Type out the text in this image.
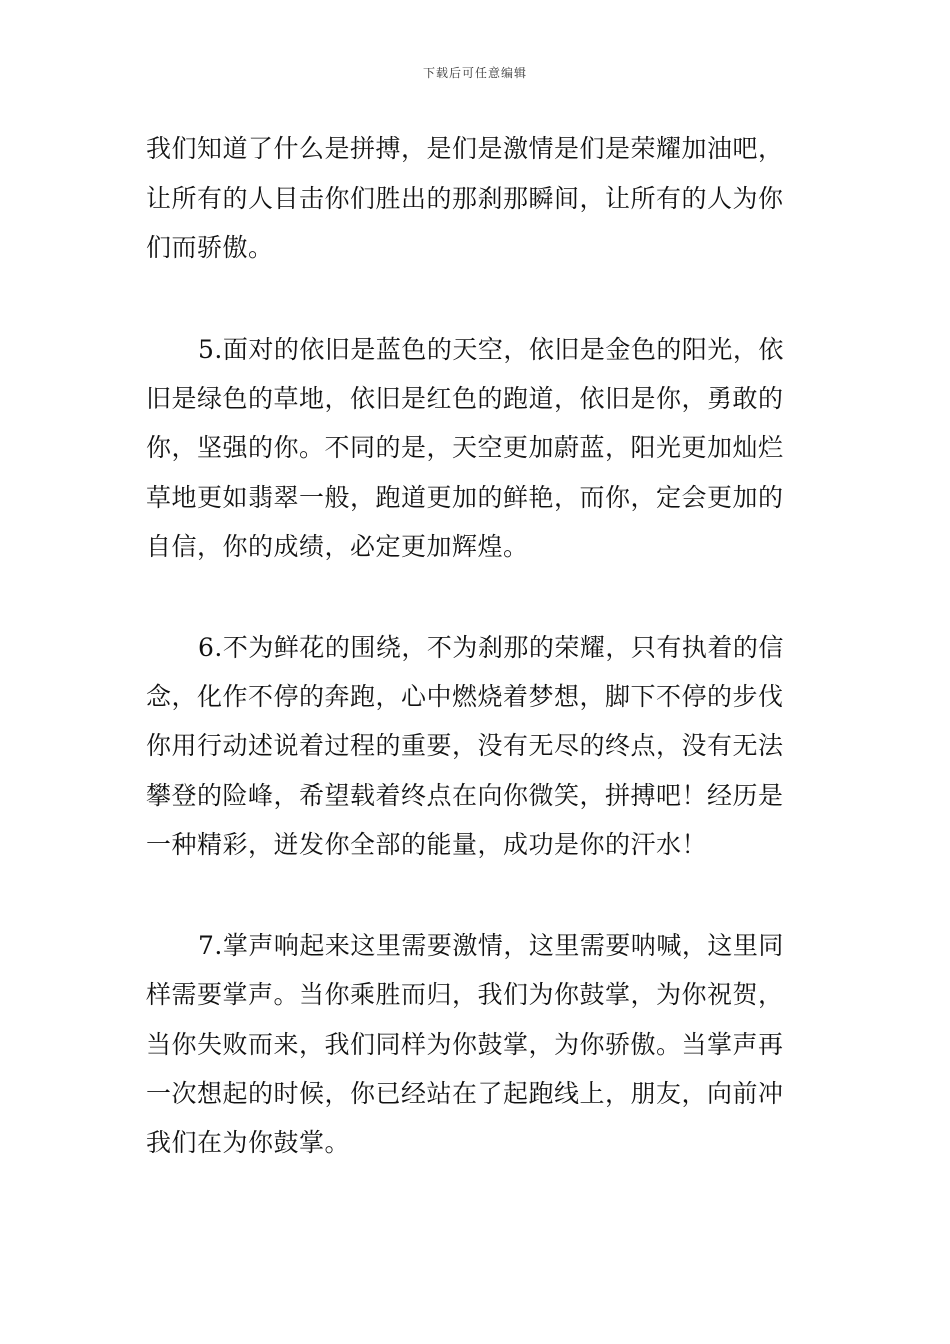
下载后可任意编辑
我们知道了什么是拼搏，是们是激情是们是荣耀加油吧，
让所有的人目击你们胜出的那刹那瞬间，让所有的人为你
们而骄傲。
5.面对的依旧是蓝色的天空，依旧是金色的阳光，依
旧是绿色的草地，依旧是红色的跑道，依旧是你，勇敢的
你，坚强的你。不同的是，天空更加蔚蓝，阳光更加灿烂
草地更如翡翠一般，跑道更加的鲜艳，而你，定会更加的
自信，你的成绩，必定更加辉煌。
6.不为鲜花的围绕，不为刹那的荣耀，只有执着的信
念，化作不停的奔跑，心中燃烧着梦想，脚下不停的步伐
你用行动述说着过程的重要，没有无尽的终点，没有无法
攀登的险峰，希望载着终点在向你微笑，拼搏吧！经历是
一种精彩，迸发你全部的能量，成功是你的汗水！
7.掌声响起来这里需要激情，这里需要呐喊，这里同
样需要掌声。当你乘胜而归，我们为你鼓掌，为你祝贺，
当你失败而来，我们同样为你鼓掌，为你骄傲。当掌声再
一次想起的时候，你已经站在了起跑线上，朋友，向前冲
我们在为你鼓掌。
